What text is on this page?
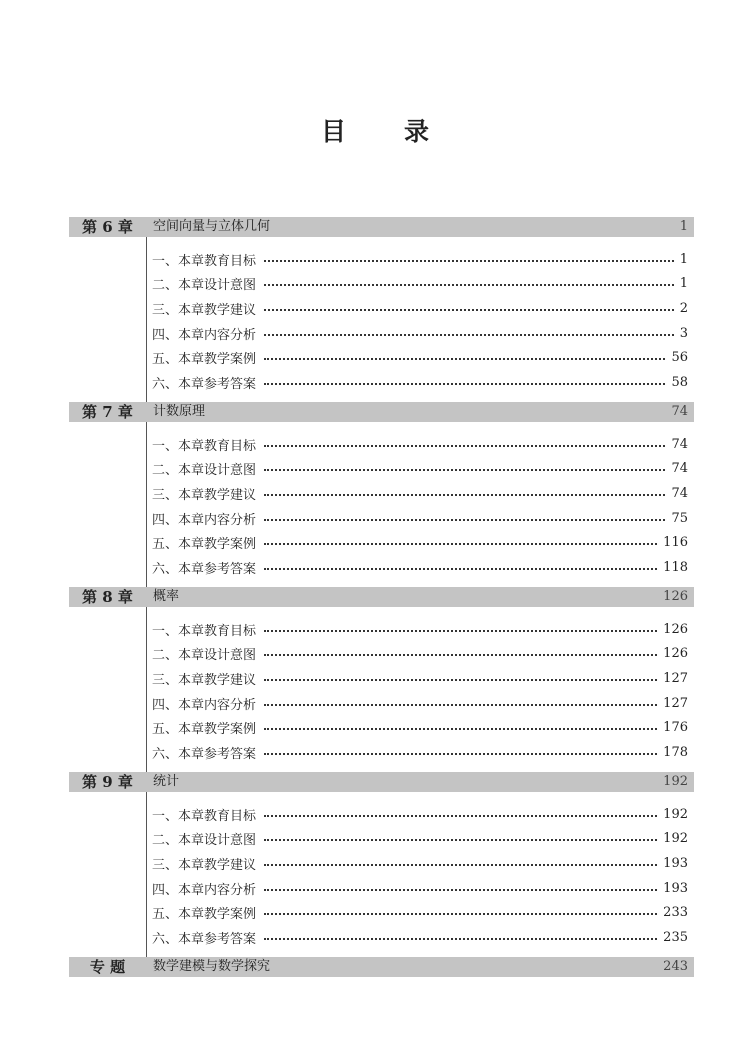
目录
第 6 章	空间向量与立体几何	1
一、本章教育目标	1
二、本章设计意图	1
三、本章教学建议	2
四、本章内容分析	3
五、本章教学案例	56
六、本章参考答案	58
第 7 章	计数原理	74
一、本章教育目标	74
二、本章设计意图	74
三、本章教学建议	74
四、本章内容分析	75
五、本章教学案例	116
六、本章参考答案	118
第 8 章	概率	126
一、本章教育目标	126
二、本章设计意图	126
三、本章教学建议	127
四、本章内容分析	127
五、本章教学案例	176
六、本章参考答案	178
第 9 章	统计	192
一、本章教育目标	192
二、本章设计意图	192
三、本章教学建议	193
四、本章内容分析	193
五、本章教学案例	233
六、本章参考答案	235
专 题	数学建模与数学探究	243
